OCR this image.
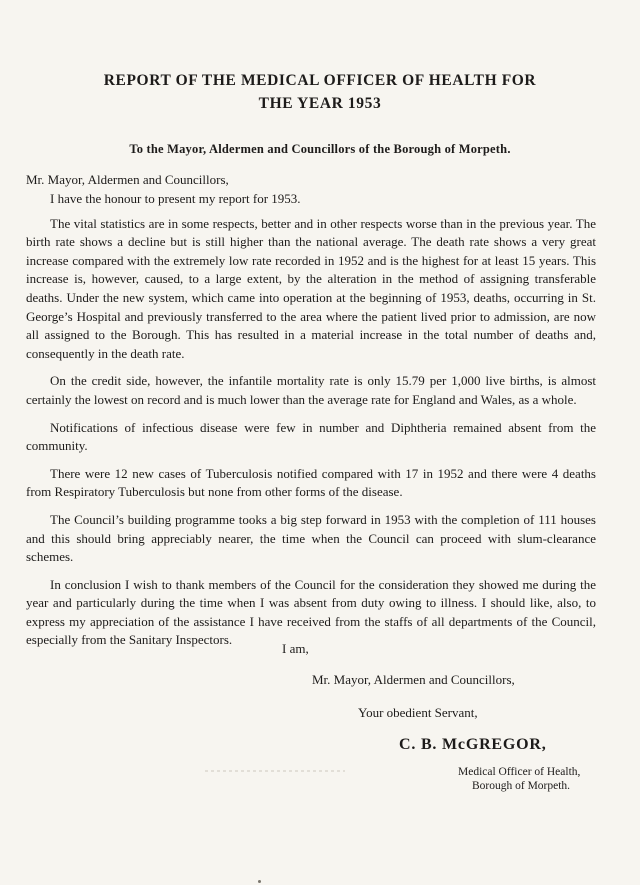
REPORT OF THE MEDICAL OFFICER OF HEALTH FOR
THE YEAR 1953
To the Mayor, Aldermen and Councillors of the Borough of Morpeth.
Mr. Mayor, Aldermen and Councillors,

I have the honour to present my report for 1953.

The vital statistics are in some respects, better and in other respects worse than in the previous year. The birth rate shows a decline but is still higher than the national average. The death rate shows a very great increase compared with the extremely low rate recorded in 1952 and is the highest for at least 15 years. This increase is, however, caused, to a large extent, by the alteration in the method of assigning transferable deaths. Under the new system, which came into operation at the beginning of 1953, deaths, occurring in St. George’s Hospital and previously transferred to the area where the patient lived prior to admission, are now all assigned to the Borough. This has resulted in a material increase in the total number of deaths and, consequently in the death rate.

On the credit side, however, the infantile mortality rate is only 15.79 per 1,000 live births, is almost certainly the lowest on record and is much lower than the average rate for England and Wales, as a whole.

Notifications of infectious disease were few in number and Diphtheria remained absent from the community.

There were 12 new cases of Tuberculosis notified compared with 17 in 1952 and there were 4 deaths from Respiratory Tuberculosis but none from other forms of the disease.

The Council’s building programme tooks a big step forward in 1953 with the completion of 111 houses and this should bring appreciably nearer, the time when the Council can proceed with slum-clearance schemes.

In conclusion I wish to thank members of the Council for the consideration they showed me during the year and particularly during the time when I was absent from duty owing to illness. I should like, also, to express my appreciation of the assistance I have received from the staffs of all departments of the Council, especially from the Sanitary Inspectors.

I am,
Mr. Mayor, Aldermen and Councillors,
Your obedient Servant,
C. B. McGREGOR,
Medical Officer of Health,
Borough of Morpeth.
